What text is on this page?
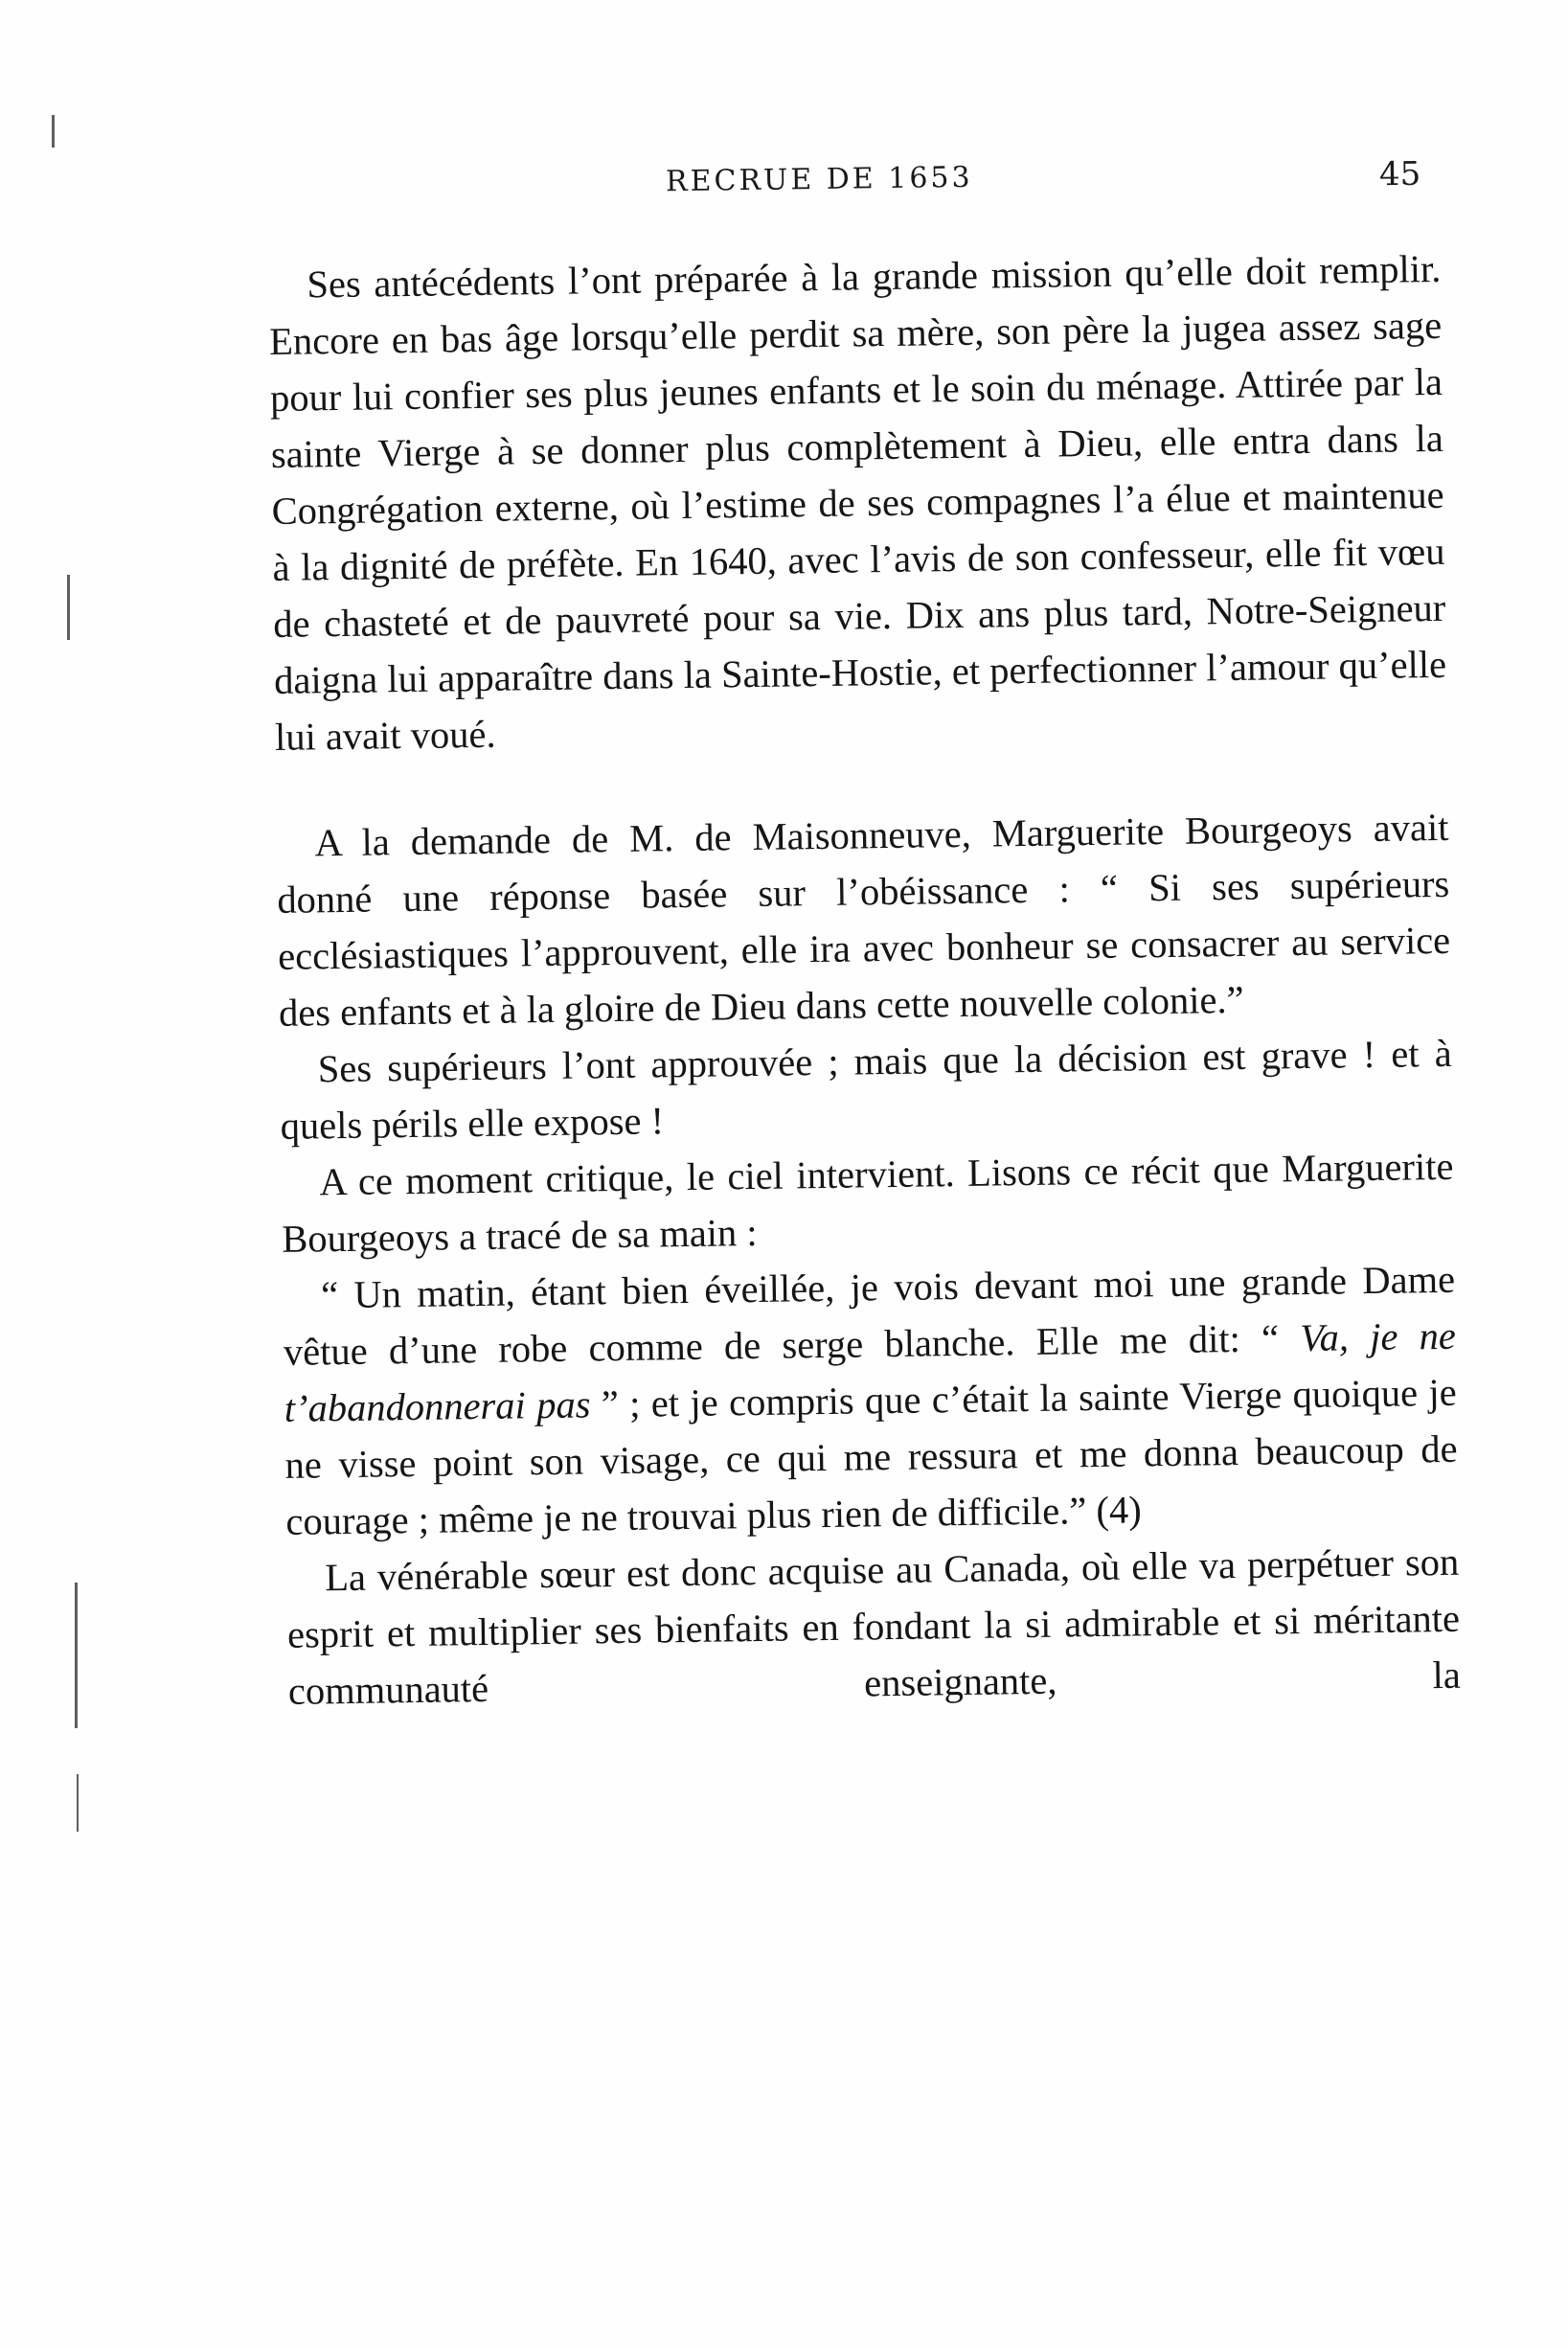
RECRUE DE 1653	45

Ses antécédents l’ont préparée à la grande mission qu’elle doit remplir. Encore en bas âge lorsqu’elle perdit sa mère, son père la jugea assez sage pour lui confier ses plus jeunes enfants et le soin du ménage. Attirée par la sainte Vierge à se donner plus complètement à Dieu, elle entra dans la Congrégation externe, où l’estime de ses compagnes l’a élue et maintenue à la dignité de préfète. En 1640, avec l’avis de son confesseur, elle fit vœu de chasteté et de pauvreté pour sa vie. Dix ans plus tard, Notre-Seigneur daigna lui apparaître dans la Sainte-Hostie, et perfectionner l’amour qu’elle lui avait voué.

A la demande de M. de Maisonneuve, Marguerite Bourgeoys avait donné une réponse basée sur l’obéissance : “ Si ses supérieurs ecclésiastiques l’approuvent, elle ira avec bonheur se consacrer au service des enfants et à la gloire de Dieu dans cette nouvelle colonie.”

Ses supérieurs l’ont approuvée ; mais que la décision est grave ! et à quels périls elle expose !

A ce moment critique, le ciel intervient. Lisons ce récit que Marguerite Bourgeoys a tracé de sa main :

“ Un matin, étant bien éveillée, je vois devant moi une grande Dame vêtue d’une robe comme de serge blanche. Elle me dit: “ Va, je ne t’abandonnerai pas ” ; et je compris que c’était la sainte Vierge quoique je ne visse point son visage, ce qui me ressura et me donna beaucoup de courage ; même je ne trouvai plus rien de difficile.” (4)

La vénérable sœur est donc acquise au Canada, où elle va perpétuer son esprit et multiplier ses bienfaits en fondant la si admirable et si méritante communauté enseignante, la
